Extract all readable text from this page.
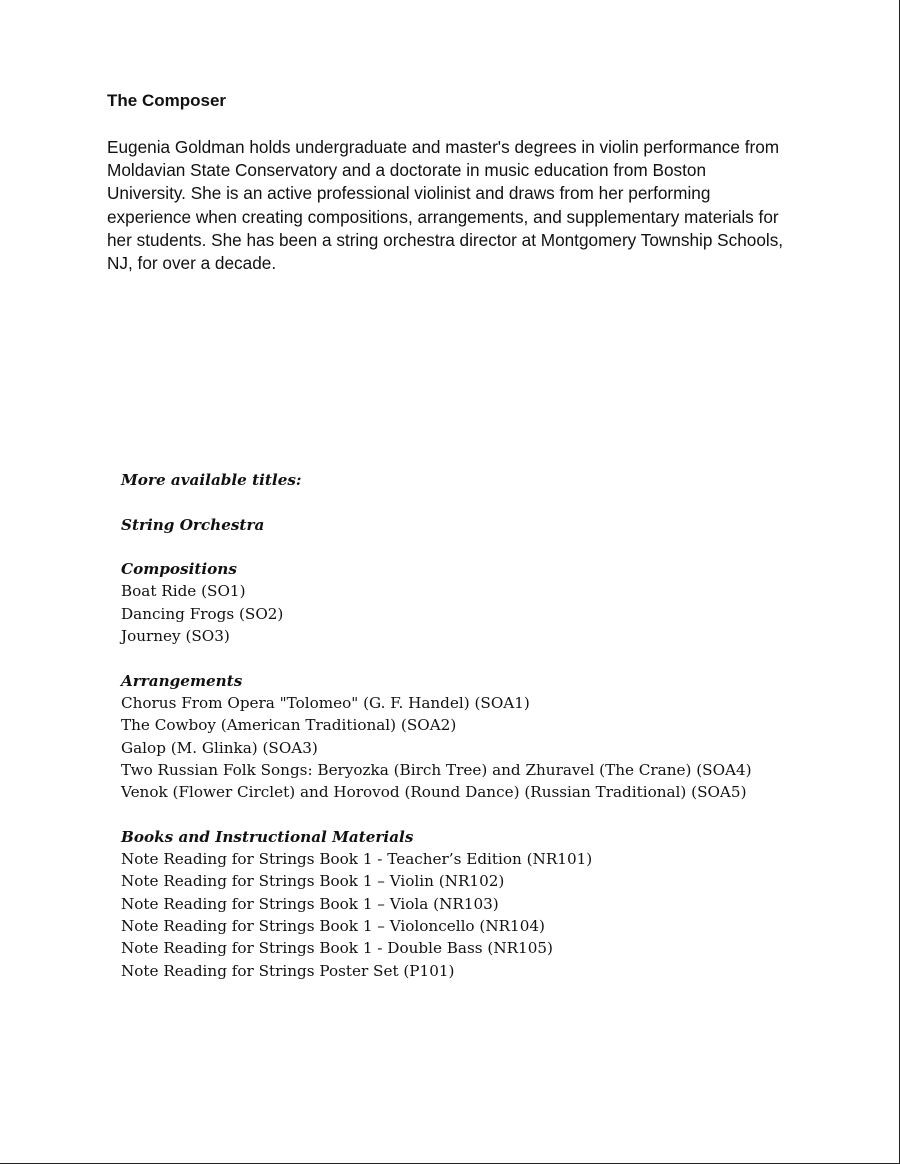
The Composer

Eugenia Goldman holds undergraduate and master's degrees in violin performance from Moldavian State Conservatory and a doctorate in music education from Boston University. She is an active professional violinist and draws from her performing experience when creating compositions, arrangements, and supplementary materials for her students. She has been a string orchestra director at Montgomery Township Schools, NJ, for over a decade.

More available titles:
String Orchestra
Compositions
Boat Ride (SO1)
Dancing Frogs (SO2)
Journey (SO3)
Arrangements
Chorus From Opera "Tolomeo" (G. F. Handel) (SOA1)
The Cowboy (American Traditional) (SOA2)
Galop (M. Glinka) (SOA3)
Two Russian Folk Songs: Beryozka (Birch Tree) and Zhuravel (The Crane) (SOA4)
Venok (Flower Circlet) and Horovod (Round Dance) (Russian Traditional) (SOA5)
Books and Instructional Materials
Note Reading for Strings Book 1 - Teacher’s Edition (NR101)
Note Reading for Strings Book 1 – Violin (NR102)
Note Reading for Strings Book 1 – Viola (NR103)
Note Reading for Strings Book 1 – Violoncello (NR104)
Note Reading for Strings Book 1 - Double Bass (NR105)
Note Reading for Strings Poster Set (P101)
